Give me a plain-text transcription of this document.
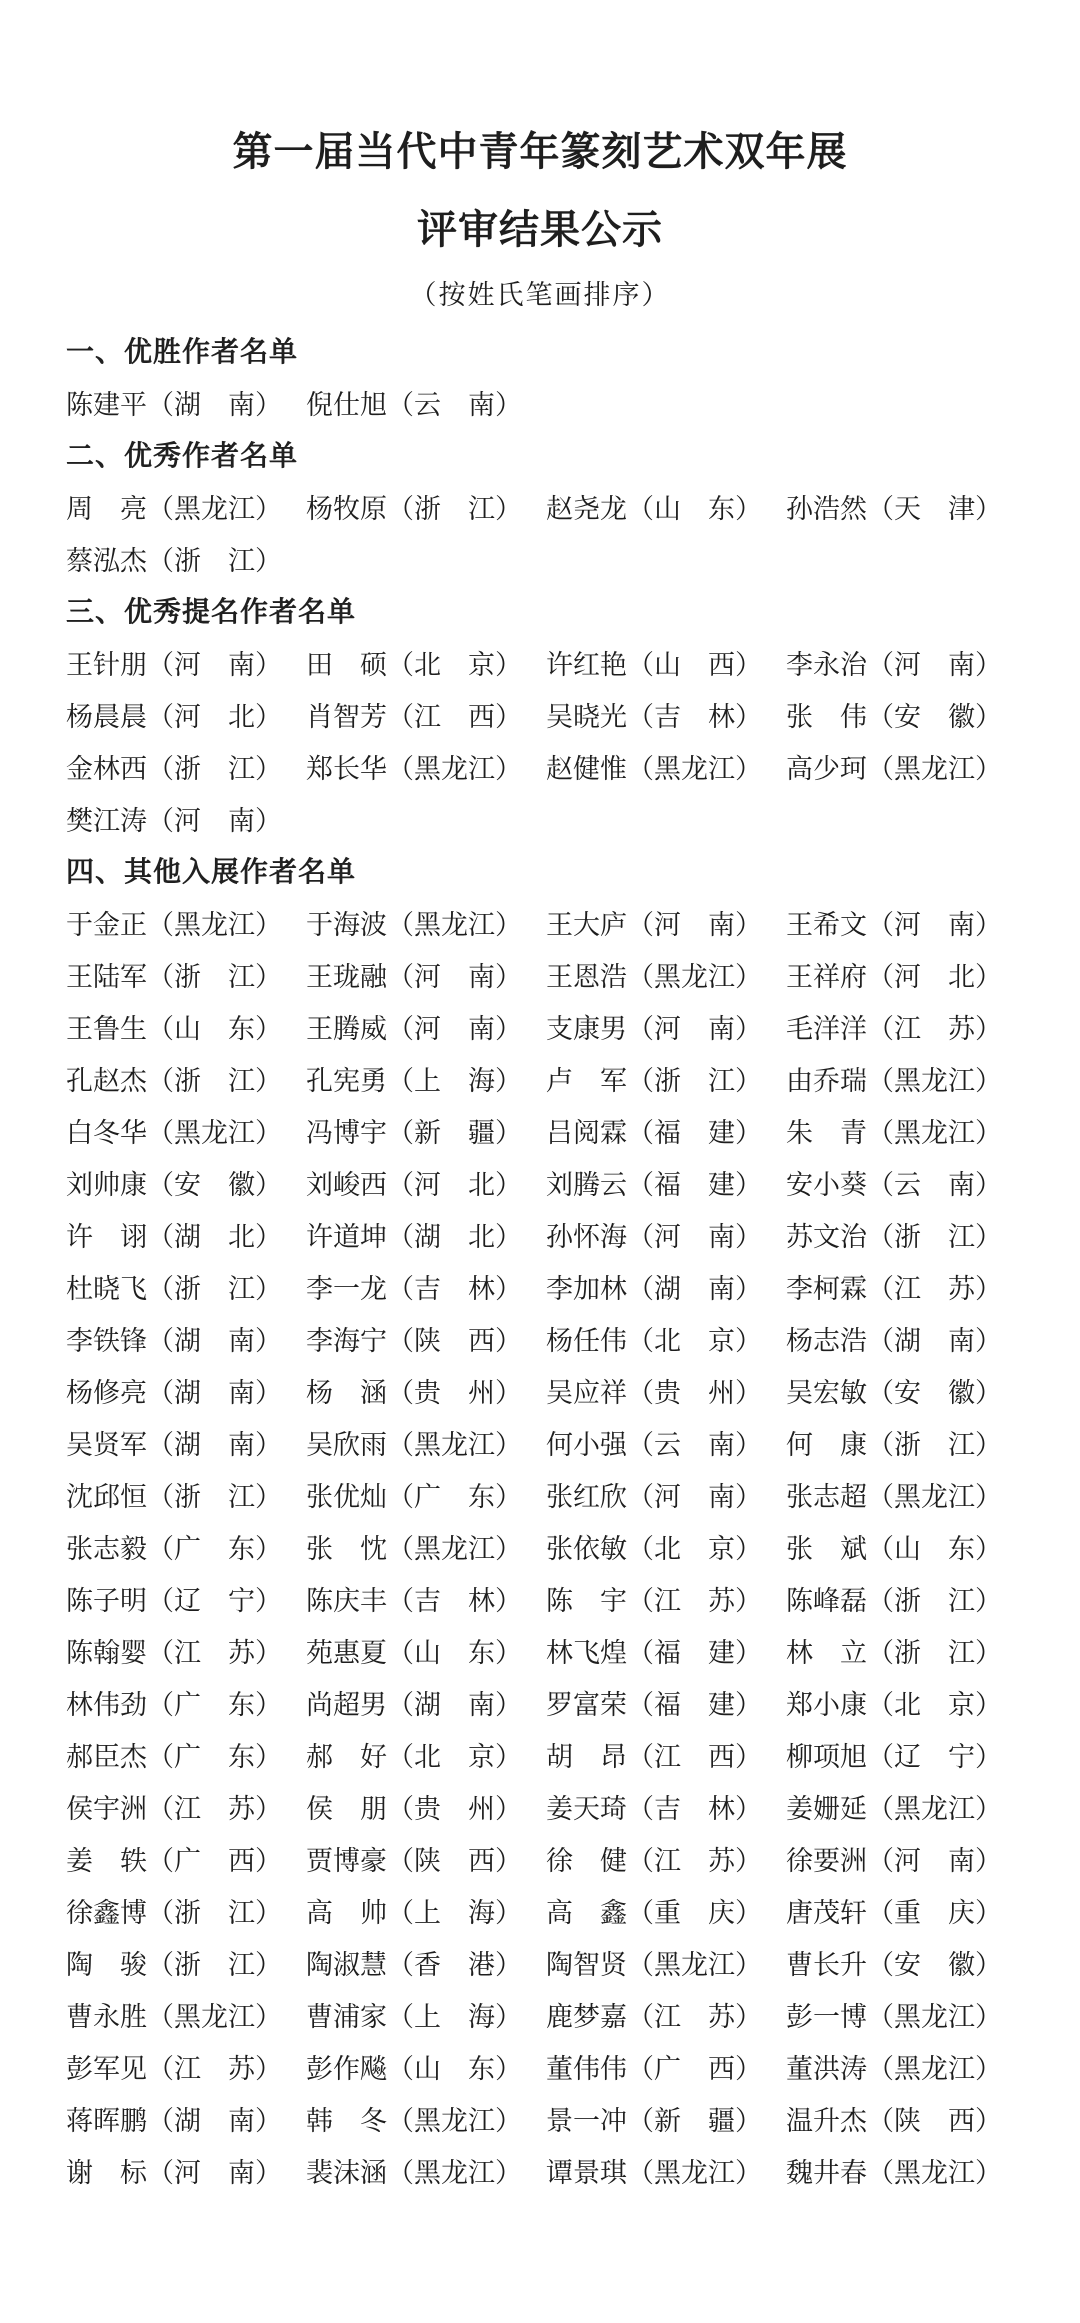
第一届当代中青年篆刻艺术双年展
评审结果公示
（按姓氏笔画排序）
一、优胜作者名单
陈建平（湖　南） 倪仕旭（云　南）
二、优秀作者名单
周　亮（黑龙江） 杨牧原（浙　江） 赵尧龙（山　东） 孙浩然（天　津）
蔡泓杰（浙　江）
三、优秀提名作者名单
王针朋（河　南） 田　硕（北　京） 许红艳（山　西） 李永治（河　南）
杨晨晨（河　北） 肖智芳（江　西） 吴晓光（吉　林） 张　伟（安　徽）
金林西（浙　江） 郑长华（黑龙江） 赵健惟（黑龙江） 高少珂（黑龙江）
樊江涛（河　南）
四、其他入展作者名单
于金正（黑龙江） 于海波（黑龙江） 王大庐（河　南） 王希文（河　南）
王陆军（浙　江） 王珑融（河　南） 王恩浩（黑龙江） 王祥府（河　北）
王鲁生（山　东） 王腾威（河　南） 支康男（河　南） 毛洋洋（江　苏）
孔赵杰（浙　江） 孔宪勇（上　海） 卢　军（浙　江） 由乔瑞（黑龙江）
白冬华（黑龙江） 冯博宇（新　疆） 吕阅霖（福　建） 朱　青（黑龙江）
刘帅康（安　徽） 刘峻西（河　北） 刘腾云（福　建） 安小葵（云　南）
许　诩（湖　北） 许道坤（湖　北） 孙怀海（河　南） 苏文治（浙　江）
杜晓飞（浙　江） 李一龙（吉　林） 李加林（湖　南） 李柯霖（江　苏）
李铁锋（湖　南） 李海宁（陕　西） 杨任伟（北　京） 杨志浩（湖　南）
杨修亮（湖　南） 杨　涵（贵　州） 吴应祥（贵　州） 吴宏敏（安　徽）
吴贤军（湖　南） 吴欣雨（黑龙江） 何小强（云　南） 何　康（浙　江）
沈邱恒（浙　江） 张优灿（广　东） 张红欣（河　南） 张志超（黑龙江）
张志毅（广　东） 张　忱（黑龙江） 张依敏（北　京） 张　斌（山　东）
陈子明（辽　宁） 陈庆丰（吉　林） 陈　宇（江　苏） 陈峰磊（浙　江）
陈翰婴（江　苏） 苑惠夏（山　东） 林飞煌（福　建） 林　立（浙　江）
林伟劲（广　东） 尚超男（湖　南） 罗富荣（福　建） 郑小康（北　京）
郝臣杰（广　东） 郝　好（北　京） 胡　昂（江　西） 柳项旭（辽　宁）
侯宇洲（江　苏） 侯　朋（贵　州） 姜天琦（吉　林） 姜姗延（黑龙江）
姜　轶（广　西） 贾博豪（陕　西） 徐　健（江　苏） 徐要洲（河　南）
徐鑫博（浙　江） 高　帅（上　海） 高　鑫（重　庆） 唐茂轩（重　庆）
陶　骏（浙　江） 陶淑慧（香　港） 陶智贤（黑龙江） 曹长升（安　徽）
曹永胜（黑龙江） 曹浦家（上　海） 鹿梦嘉（江　苏） 彭一博（黑龙江）
彭军见（江　苏） 彭作飚（山　东） 董伟伟（广　西） 董洪涛（黑龙江）
蒋晖鹏（湖　南） 韩　冬（黑龙江） 景一冲（新　疆） 温升杰（陕　西）
谢　标（河　南） 裴沫涵（黑龙江） 谭景琪（黑龙江） 魏井春（黑龙江）
